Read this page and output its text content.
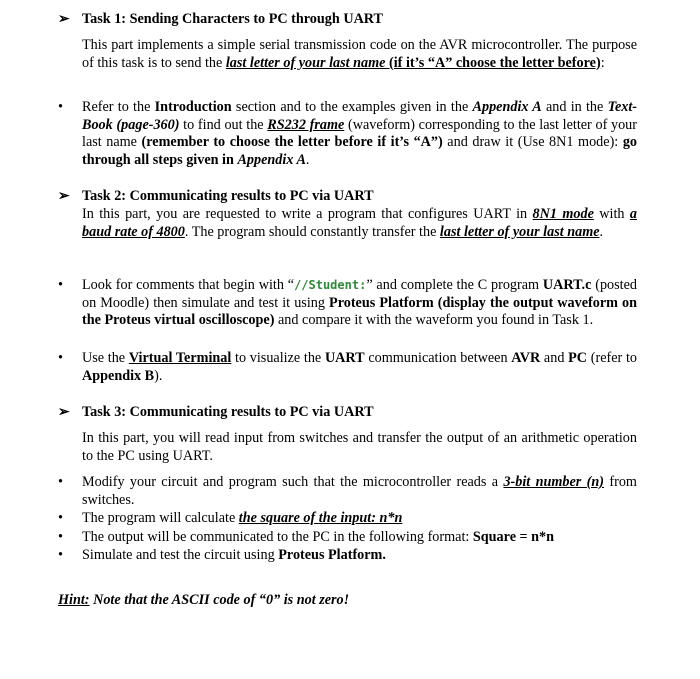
➢ Task 1: Sending Characters to PC through UART
This part implements a simple serial transmission code on the AVR microcontroller. The purpose of this task is to send the last letter of your last name (if it’s “A” choose the letter before):
•	Refer to the Introduction section and to the examples given in the Appendix A and in the Text-Book (page-360) to find out the RS232 frame (waveform) corresponding to the last letter of your last name (remember to choose the letter before if it’s “A”) and draw it (Use 8N1 mode): go through all steps given in Appendix A.
➢ Task 2: Communicating results to PC via UART
In this part, you are requested to write a program that configures UART in 8N1 mode with a baud rate of 4800. The program should constantly transfer the last letter of your last name.
•	Look for comments that begin with “//Student:” and complete the C program UART.c (posted on Moodle) then simulate and test it using Proteus Platform (display the output waveform on the Proteus virtual oscilloscope) and compare it with the waveform you found in Task 1.
•	Use the Virtual Terminal to visualize the UART communication between AVR and PC (refer to Appendix B).
➢ Task 3: Communicating results to PC via UART
In this part, you will read input from switches and transfer the output of an arithmetic operation to the PC using UART.
•	Modify your circuit and program such that the microcontroller reads a 3-bit number (n) from switches.
•	The program will calculate the square of the input: n*n
•	The output will be communicated to the PC in the following format: Square = n*n
•	Simulate and test the circuit using Proteus Platform.
Hint: Note that the ASCII code of “0” is not zero!
